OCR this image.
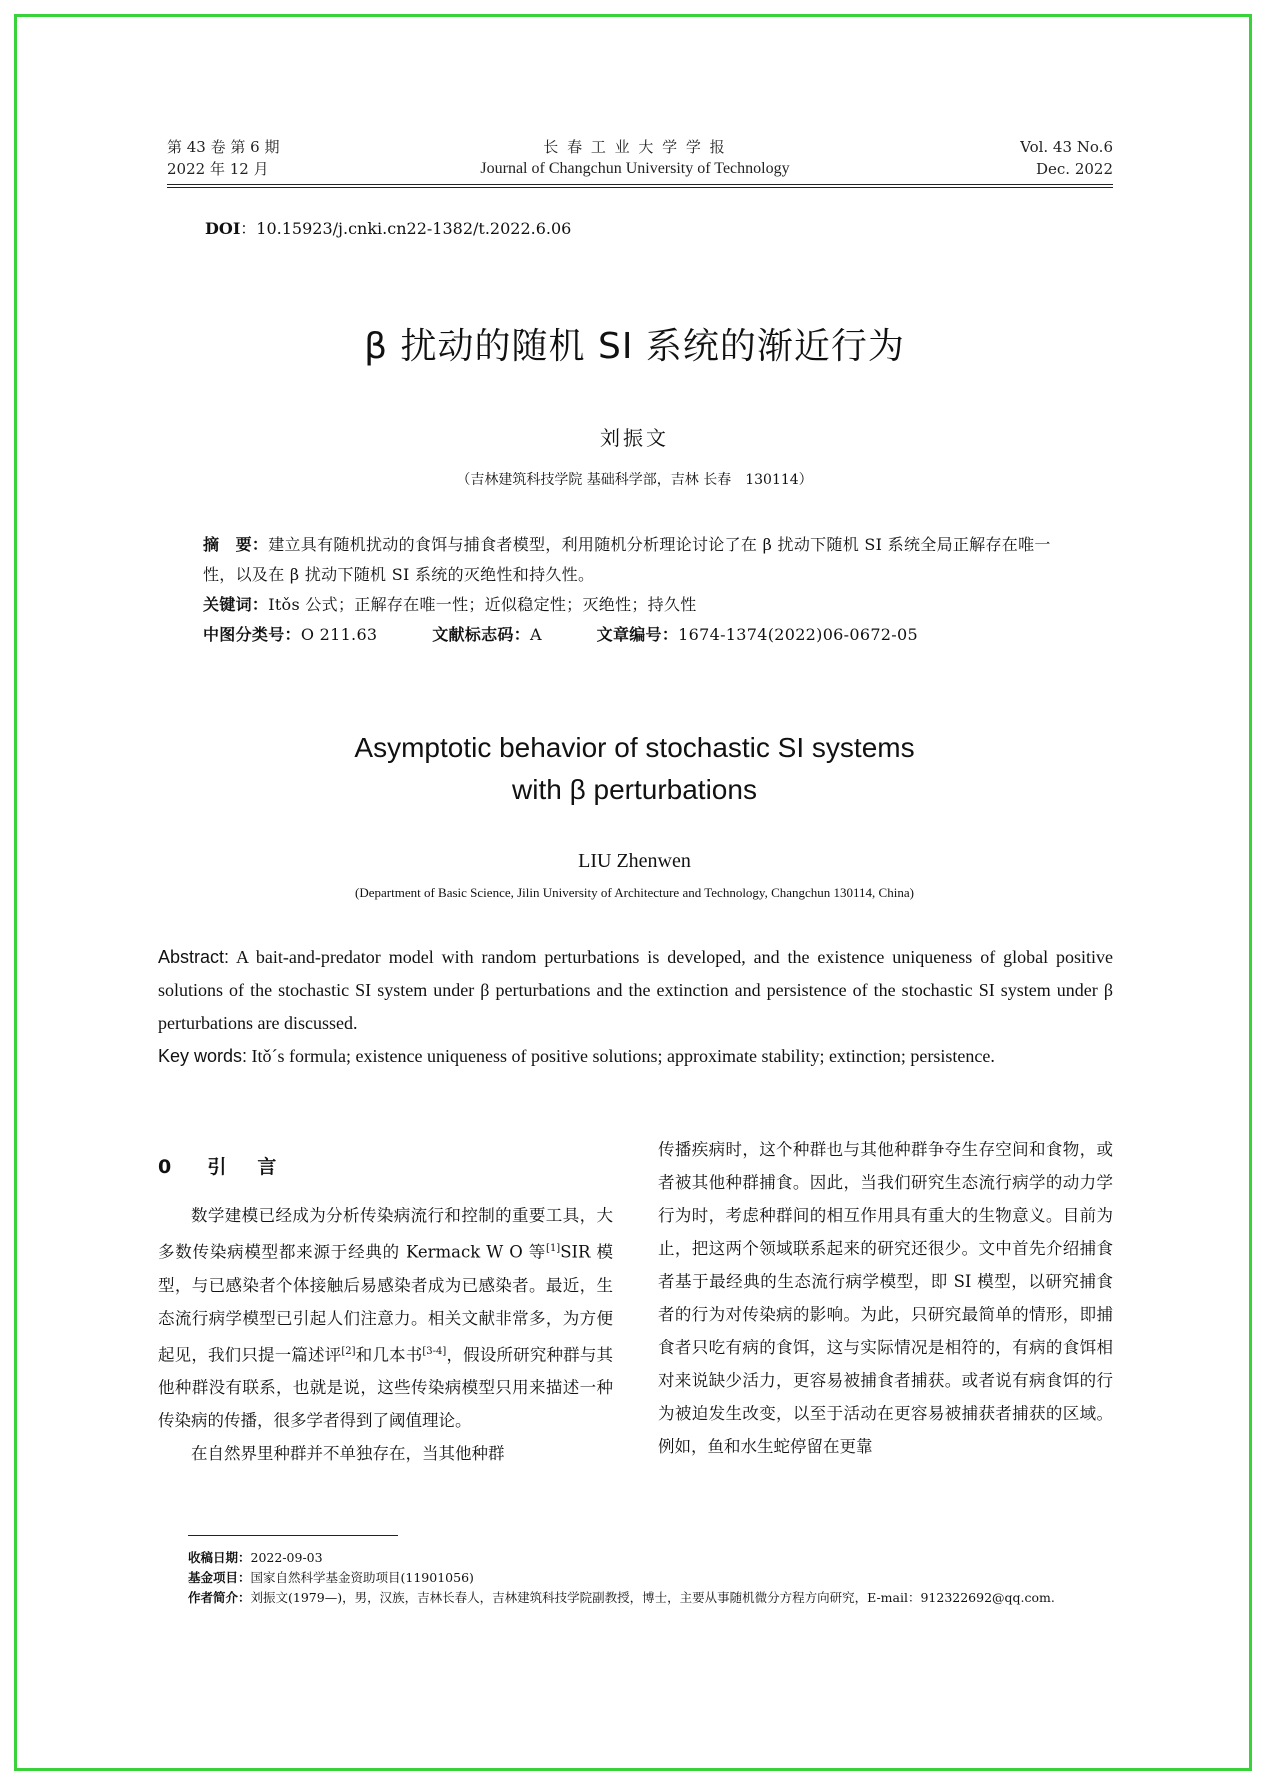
第 43 卷 第 6 期
2022 年 12 月
长 春 工 业 大 学 学 报
Journal of Changchun University of Technology
Vol. 43 No.6
Dec. 2022
DOI：10.15923/j.cnki.cn22-1382/t.2022.6.06
β 扰动的随机 SI 系统的渐近行为
刘振文
（吉林建筑科技学院 基础科学部，吉林 长春　130114）
摘　要：建立具有随机扰动的食饵与捕食者模型，利用随机分析理论讨论了在 β 扰动下随机 SI 系统全局正解存在唯一性，以及在 β 扰动下随机 SI 系统的灭绝性和持久性。
关键词：Itǒs 公式；正解存在唯一性；近似稳定性；灭绝性；持久性
中图分类号：O 211.63	文献标志码：A	文章编号：1674-1374(2022)06-0672-05
Asymptotic behavior of stochastic SI systems
with β perturbations
LIU Zhenwen
(Department of Basic Science, Jilin University of Architecture and Technology, Changchun 130114, China)
Abstract: A bait-and-predator model with random perturbations is developed, and the existence uniqueness of global positive solutions of the stochastic SI system under β perturbations and the extinction and persistence of the stochastic SI system under β perturbations are discussed.
Key words: Itǒ´s formula; existence uniqueness of positive solutions; approximate stability; extinction; persistence.
0 引　言

数学建模已经成为分析传染病流行和控制的重要工具，大多数传染病模型都来源于经典的 Kermack W O 等[1]SIR 模型，与已感染者个体接触后易感染者成为已感染者。最近，生态流行病学模型已引起人们注意力。相关文献非常多，为方便起见，我们只提一篇述评[2]和几本书[3-4]，假设所研究种群与其他种群没有联系，也就是说，这些传染病模型只用来描述一种传染病的传播，很多学者得到了阈值理论。

在自然界里种群并不单独存在，当其他种群

传播疾病时，这个种群也与其他种群争夺生存空间和食物，或者被其他种群捕食。因此，当我们研究生态流行病学的动力学行为时，考虑种群间的相互作用具有重大的生物意义。目前为止，把这两个领域联系起来的研究还很少。文中首先介绍捕食者基于最经典的生态流行病学模型，即 SI 模型，以研究捕食者的行为对传染病的影响。为此，只研究最简单的情形，即捕食者只吃有病的食饵，这与实际情况是相符的，有病的食饵相对来说缺少活力，更容易被捕食者捕获。或者说有病食饵的行为被迫发生改变，以至于活动在更容易被捕获者捕获的区域。例如，鱼和水生蛇停留在更靠

收稿日期：2022-09-03
基金项目：国家自然科学基金资助项目(11901056)
作者简介：刘振文(1979—)，男，汉族，吉林长春人，吉林建筑科技学院副教授，博士，主要从事随机微分方程方向研究，E-mail：912322692@qq.com.
